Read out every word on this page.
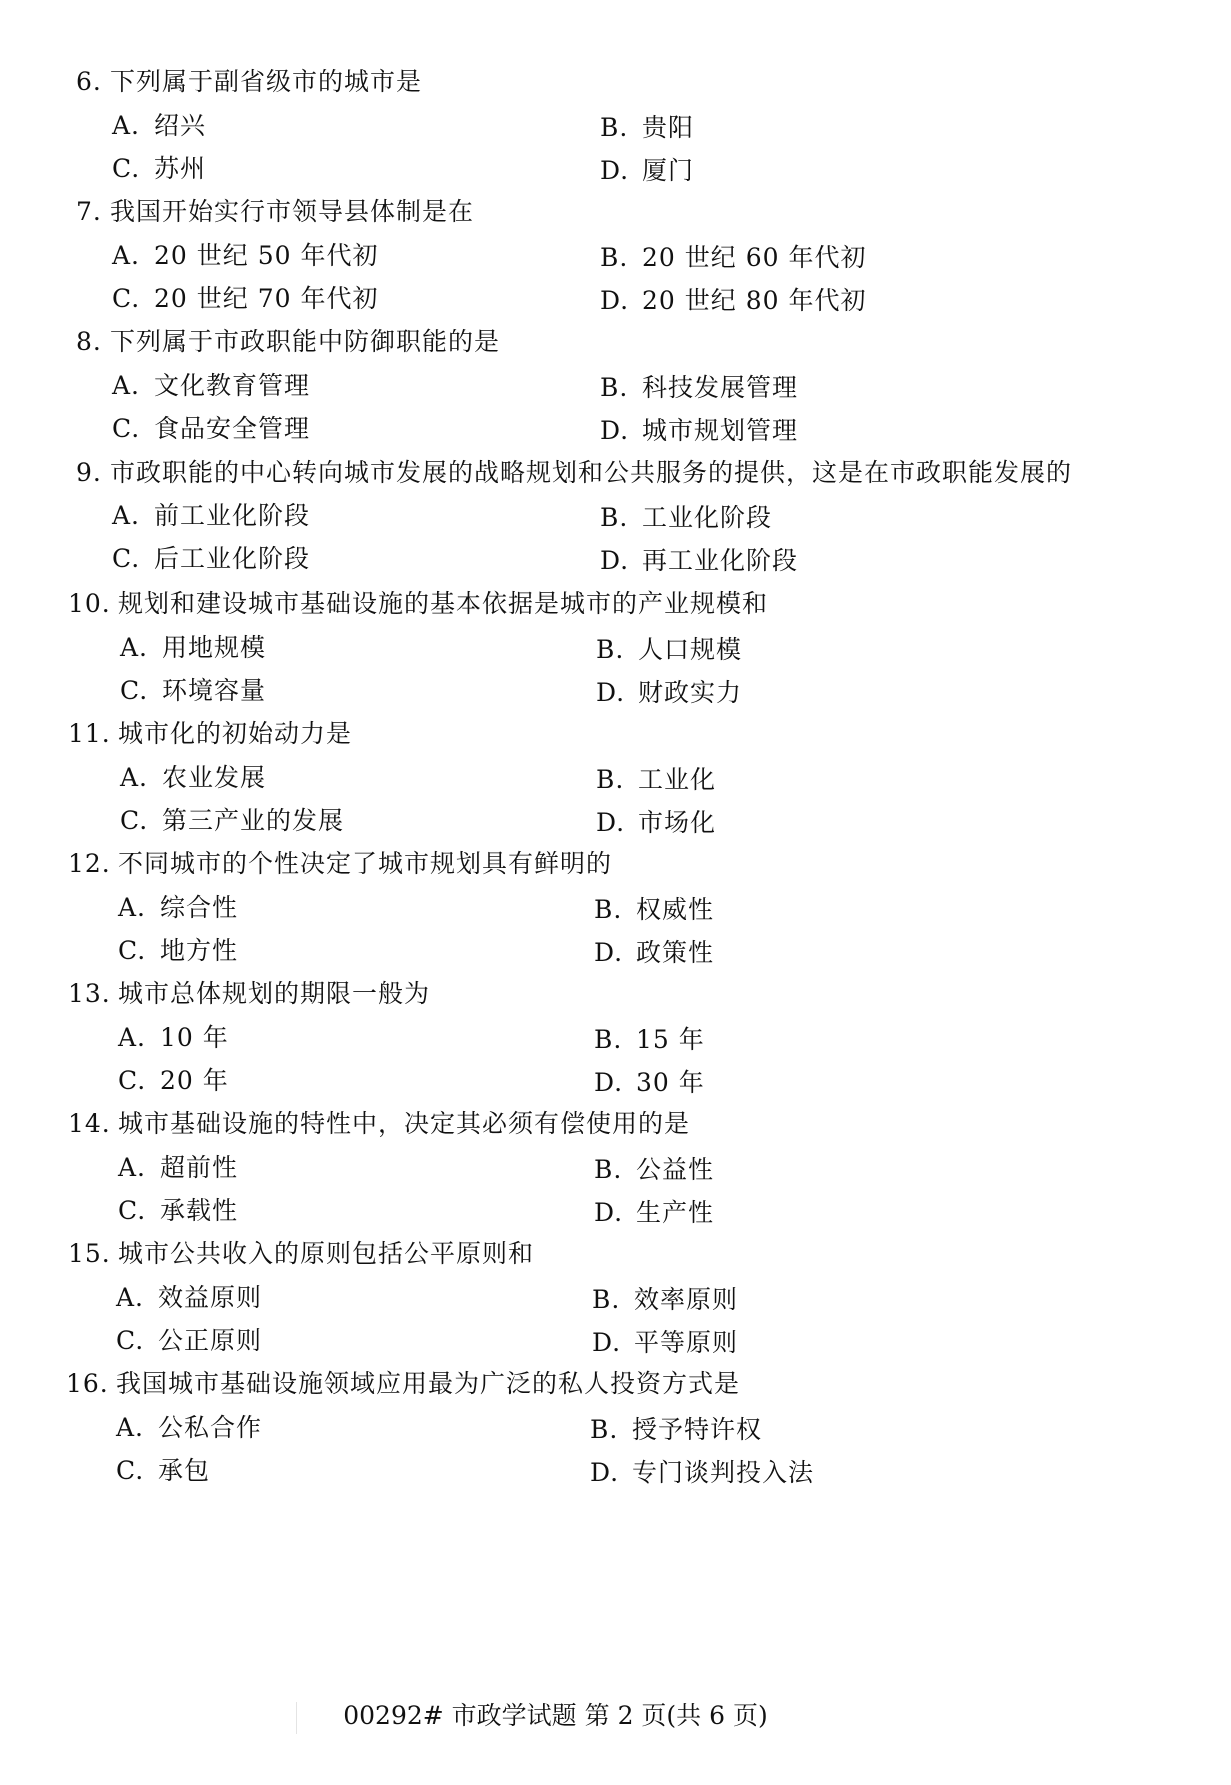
6. 下列属于副省级市的城市是
A. 绍兴	B. 贵阳
C. 苏州	D. 厦门
7. 我国开始实行市领导县体制是在
A. 20 世纪 50 年代初	B. 20 世纪 60 年代初
C. 20 世纪 70 年代初	D. 20 世纪 80 年代初
8. 下列属于市政职能中防御职能的是
A. 文化教育管理	B. 科技发展管理
C. 食品安全管理	D. 城市规划管理
9. 市政职能的中心转向城市发展的战略规划和公共服务的提供，这是在市政职能发展的
A. 前工业化阶段	B. 工业化阶段
C. 后工业化阶段	D. 再工业化阶段
10. 规划和建设城市基础设施的基本依据是城市的产业规模和
A. 用地规模	B. 人口规模
C. 环境容量	D. 财政实力
11. 城市化的初始动力是
A. 农业发展	B. 工业化
C. 第三产业的发展	D. 市场化
12. 不同城市的个性决定了城市规划具有鲜明的
A. 综合性	B. 权威性
C. 地方性	D. 政策性
13. 城市总体规划的期限一般为
A. 10 年	B. 15 年
C. 20 年	D. 30 年
14. 城市基础设施的特性中，决定其必须有偿使用的是
A. 超前性	B. 公益性
C. 承载性	D. 生产性
15. 城市公共收入的原则包括公平原则和
A. 效益原则	B. 效率原则
C. 公正原则	D. 平等原则
16. 我国城市基础设施领域应用最为广泛的私人投资方式是
A. 公私合作	B. 授予特许权
C. 承包	D. 专门谈判投入法
00292# 市政学试题 第 2 页(共 6 页)
